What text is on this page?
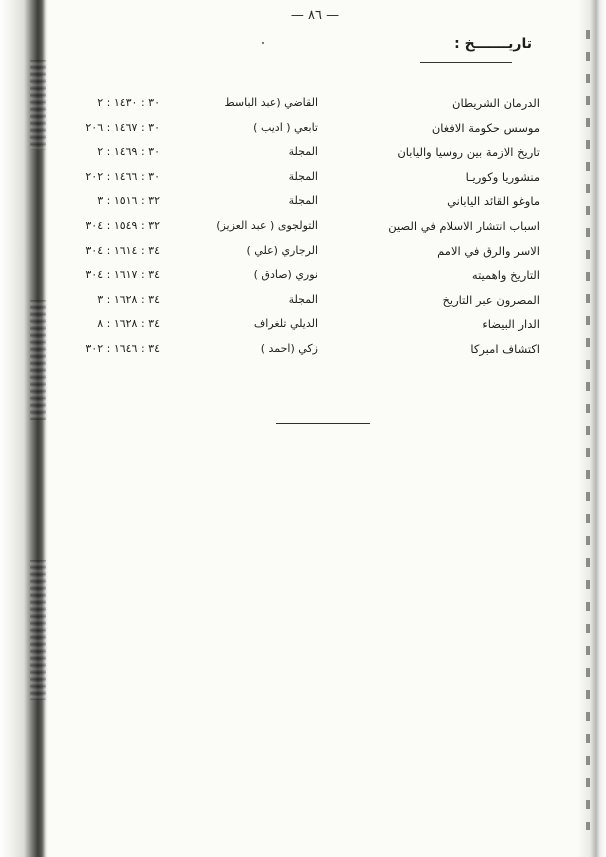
— ٨٦ —
تاريـــــــخ :
الدرمان الشريطان
القاضي (عبد الباسط
٣٠ : ١٤٣٠ : ٢
موسس حكومة الافغان
تابعي ( اديب )
٣٠ : ١٤٦٧ : ٢٠٦
تاريخ الازمة بين روسيا واليابان
المجلة
٣٠ : ١٤٦٩ : ٢
منشوريا وكوريـا
المجلة
٣٠ : ١٤٦٦ : ٢٠٢
ماوغو القائد الياباني
المجلة
٣٢ : ١٥١٦ : ٣
اسباب انتشار الاسلام في الصين
التولجوى ( عبد العزيز)
٣٢ : ١٥٤٩ : ٣٠٤
الاسر والرق في الامم
الرجاري (علي )
٣٤ : ١٦١٤ : ٣٠٤
التاريخ واهميته
نوري (صادق )
٣٤ : ١٦١٧ : ٣٠٤
المصرون عبر التاريخ
المجلة
٣٤ : ١٦٢٨ : ٣
الدار البيضاء
الديلي تلغراف
٣٤ : ١٦٢٨ : ٨
اكتشاف امبركا
زكي (احمد )
٣٤ : ١٦٤٦ : ٣٠٢
